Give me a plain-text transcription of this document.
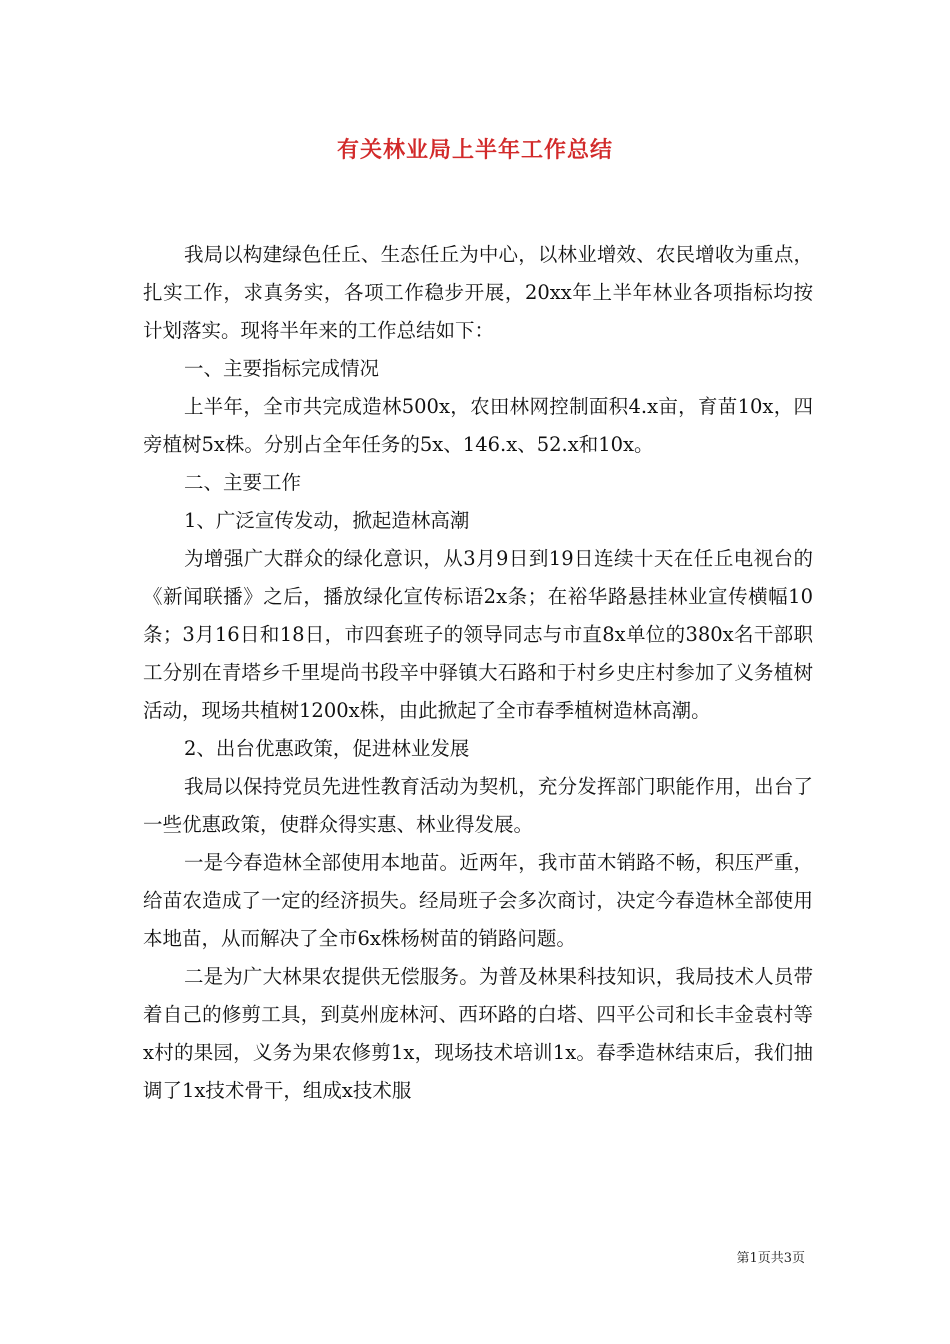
有关林业局上半年工作总结

我局以构建绿色任丘、生态任丘为中心，以林业增效、农民增收为重点，扎实工作，求真务实，各项工作稳步开展，20xx年上半年林业各项指标均按计划落实。现将半年来的工作总结如下：

一、主要指标完成情况

上半年，全市共完成造林500x，农田林网控制面积4.x亩，育苗10x，四旁植树5x株。分别占全年任务的5x、146.x、52.x和10x。

二、主要工作

1、广泛宣传发动，掀起造林高潮

为增强广大群众的绿化意识，从3月9日到19日连续十天在任丘电视台的《新闻联播》之后，播放绿化宣传标语2x条；在裕华路悬挂林业宣传横幅10条；3月16日和18日，市四套班子的领导同志与市直8x单位的380x名干部职工分别在青塔乡千里堤尚书段辛中驿镇大石路和于村乡史庄村参加了义务植树活动，现场共植树1200x株，由此掀起了全市春季植树造林高潮。

2、出台优惠政策，促进林业发展

我局以保持党员先进性教育活动为契机，充分发挥部门职能作用，出台了一些优惠政策，使群众得实惠、林业得发展。

一是今春造林全部使用本地苗。近两年，我市苗木销路不畅，积压严重，给苗农造成了一定的经济损失。经局班子会多次商讨，决定今春造林全部使用本地苗，从而解决了全市6x株杨树苗的销路问题。

二是为广大林果农提供无偿服务。为普及林果科技知识，我局技术人员带着自己的修剪工具，到莫州庞林河、西环路的白塔、四平公司和长丰金袁村等x村的果园，义务为果农修剪1x，现场技术培训1x。春季造林结束后，我们抽调了1x技术骨干，组成x技术服

第1页共3页
